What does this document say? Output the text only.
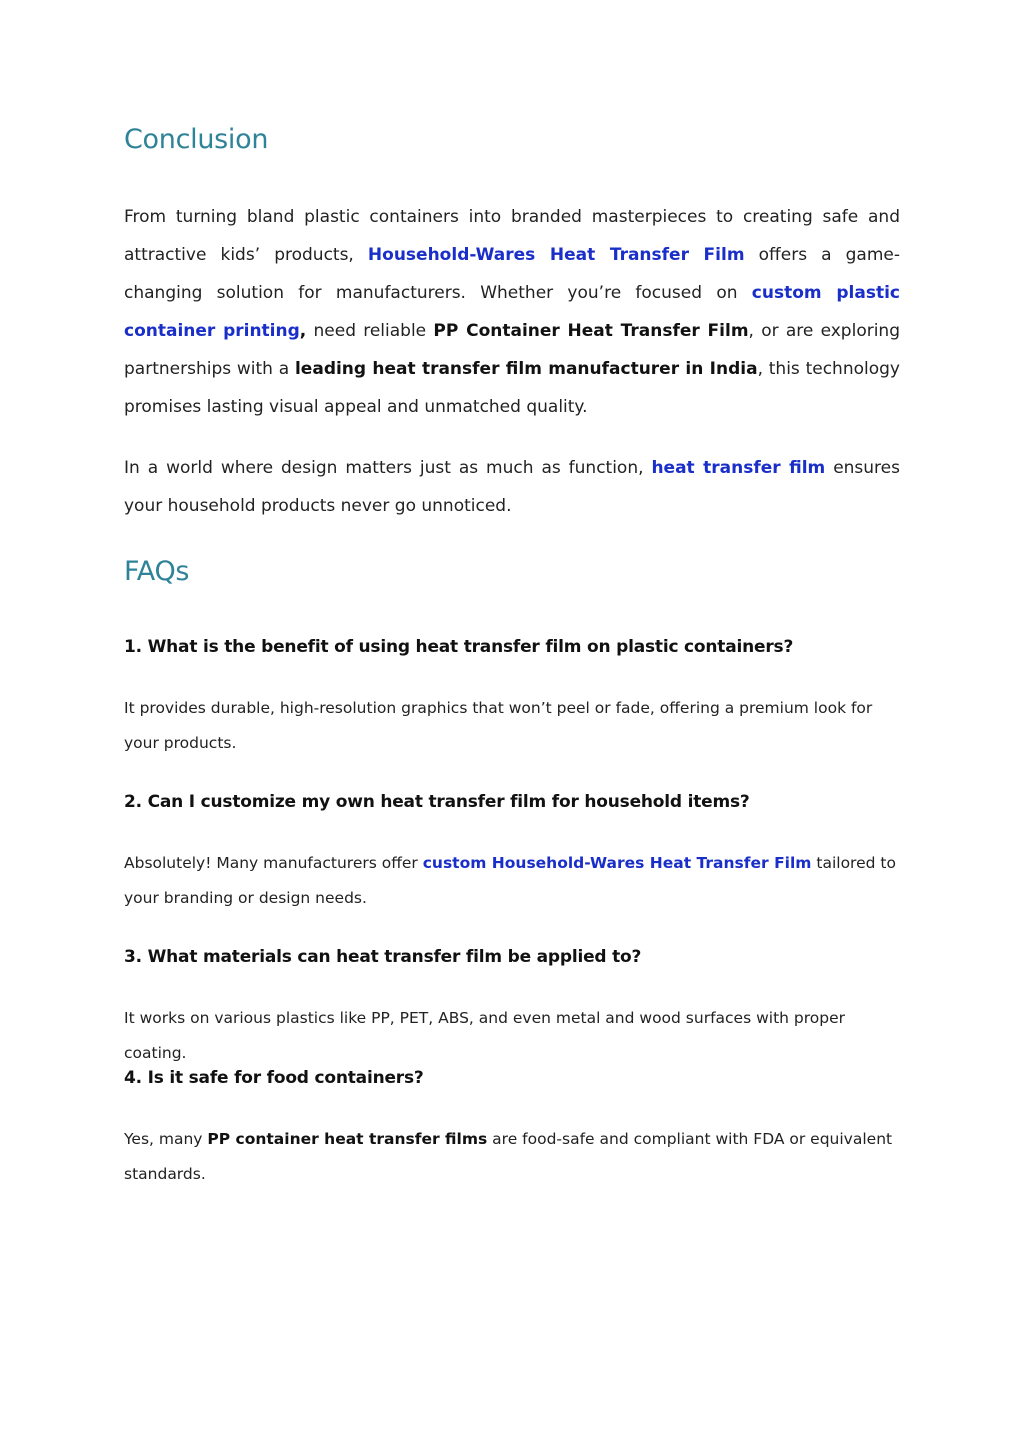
Conclusion
From turning bland plastic containers into branded masterpieces to creating safe and attractive kids’ products, Household-Wares Heat Transfer Film offers a game-changing solution for manufacturers. Whether you’re focused on custom plastic container printing, need reliable PP Container Heat Transfer Film, or are exploring partnerships with a leading heat transfer film manufacturer in India, this technology promises lasting visual appeal and unmatched quality.
In a world where design matters just as much as function, heat transfer film ensures your household products never go unnoticed.
FAQs
1. What is the benefit of using heat transfer film on plastic containers?
It provides durable, high-resolution graphics that won’t peel or fade, offering a premium look for your products.
2. Can I customize my own heat transfer film for household items?
Absolutely! Many manufacturers offer custom Household-Wares Heat Transfer Film tailored to your branding or design needs.
3. What materials can heat transfer film be applied to?
It works on various plastics like PP, PET, ABS, and even metal and wood surfaces with proper coating.
4. Is it safe for food containers?
Yes, many PP container heat transfer films are food-safe and compliant with FDA or equivalent standards.
